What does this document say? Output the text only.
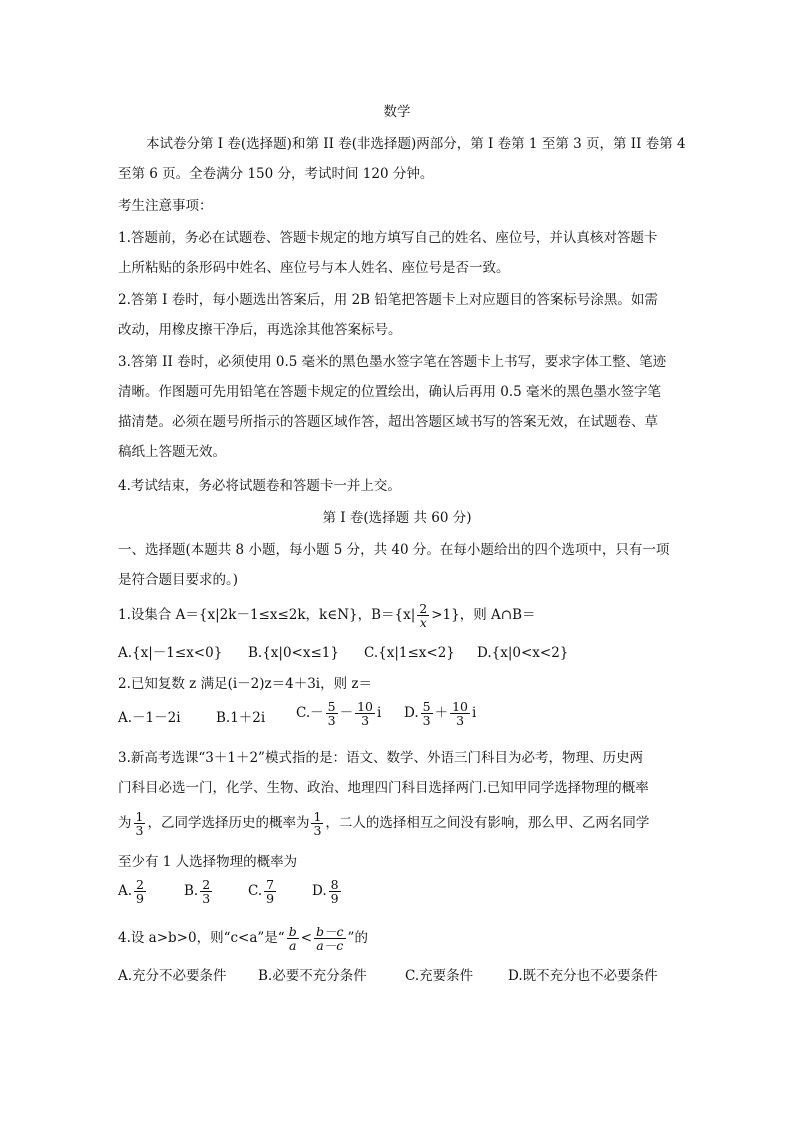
数学
本试卷分第 I 卷(选择题)和第 II 卷(非选择题)两部分，第 I 卷第 1 至第 3 页，第 II 卷第 4
至第 6 页。全卷满分 150 分，考试时间 120 分钟。
考生注意事项：
1.答题前，务必在试题卷、答题卡规定的地方填写自己的姓名、座位号，并认真核对答题卡
上所粘贴的条形码中姓名、座位号与本人姓名、座位号是否一致。
2.答第 I 卷时，每小题选出答案后，用 2B 铅笔把答题卡上对应题目的答案标号涂黑。如需
改动，用橡皮擦干净后，再选涂其他答案标号。
3.答第 II 卷时，必须使用 0.5 毫米的黑色墨水签字笔在答题卡上书写，要求字体工整、笔迹
清晰。作图题可先用铅笔在答题卡规定的位置绘出，确认后再用 0.5 毫米的黑色墨水签字笔
描清楚。必须在题号所指示的答题区域作答，超出答题区域书写的答案无效，在试题卷、草
稿纸上答题无效。
4.考试结束，务必将试题卷和答题卡一并上交。
第 I 卷(选择题 共 60 分)
一、选择题(本题共 8 小题，每小题 5 分，共 40 分。在每小题给出的四个选项中，只有一项
是符合题目要求的。)
1.设集合 A＝{x|2k－1≤x≤2k，k∈N}，$B=\{x| \frac{2}{x} >1\}$，则 A∩B＝
A.{x|－1≤x<0} B.{x|0<x≤1} C.{x|1≤x<2} D.{x|0<x<2}
2.已知复数 z 满足(i－2)z＝4＋3i，则 z＝
A.－1－2i	B.1＋2i $C.- \frac{5}{3} - \frac{10}{3}$ i D. $\frac{5}{3} + \frac{10}{3}$ i
3.新高考选课“3＋1＋2”模式指的是：语文、数学、外语三门科目为必考，物理、历史两
门科目必选一门，化学、生物、政治、地理四门科目选择两门.已知甲同学选择物理的概率
为 $\frac{1}{3}$ ，乙同学选择历史的概率为 $\frac{1}{3}$ ，二人的选择相互之间没有影响，那么甲、乙两名同学
至少有 1 人选择物理的概率为
A. $\frac{2}{9}$	B. $\frac{2}{3}$	C. $\frac{7}{9}$	D. $\frac{8}{9}$
4.设 a>b>0，则“c<a”是“ $\frac{b}{a} < \frac{b-c}{a-c}$ ”的
A.充分不必要条件 B.必要不充分条件	C.充要条件	D.既不充分也不必要条件
